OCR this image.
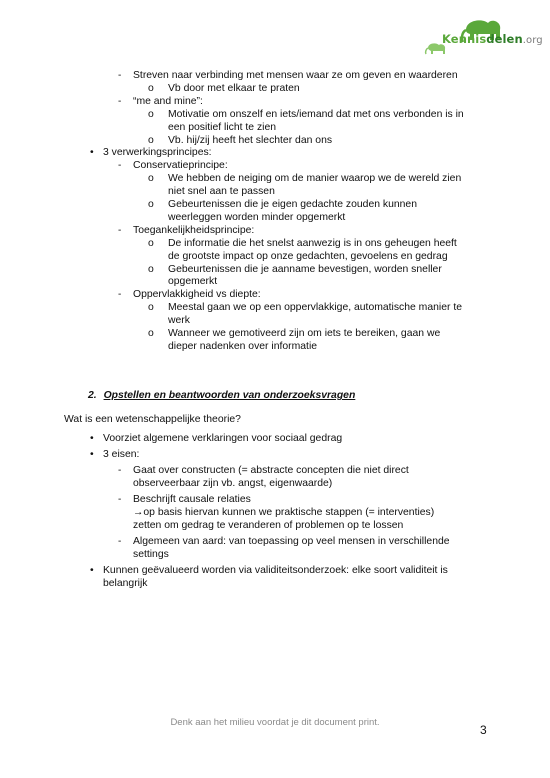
Kennisdelen.org
- Streven naar verbinding met mensen waar ze om geven en waarderen
o Vb door met elkaar te praten
- “me and mine”:
o Motivatie om onszelf en iets/iemand dat met ons verbonden is in
een positief licht te zien
o Vb. hij/zij heeft het slechter dan ons
• 3 verwerkingsprincipes:
- Conservatieprincipe:
o We hebben de neiging om de manier waarop we de wereld zien
niet snel aan te passen
o Gebeurtenissen die je eigen gedachte zouden kunnen
weerleggen worden minder opgemerkt
- Toegankelijkheidsprincipe:
o De informatie die het snelst aanwezig is in ons geheugen heeft
de grootste impact op onze gedachten, gevoelens en gedrag
o Gebeurtenissen die je aanname bevestigen, worden sneller
opgemerkt
- Oppervlakkigheid vs diepte:
o Meestal gaan we op een oppervlakkige, automatische manier te
werk
o Wanneer we gemotiveerd zijn om iets te bereiken, gaan we
dieper nadenken over informatie
2. Opstellen en beantwoorden van onderzoeksvragen
Wat is een wetenschappelijke theorie?
• Voorziet algemene verklaringen voor sociaal gedrag
• 3 eisen:
- Gaat over constructen (= abstracte concepten die niet direct
observeerbaar zijn vb. angst, eigenwaarde)
- Beschrijft causale relaties
→op basis hiervan kunnen we praktische stappen (= interventies)
zetten om gedrag te veranderen of problemen op te lossen
- Algemeen van aard: van toepassing op veel mensen in verschillende
settings
• Kunnen geëvalueerd worden via validiteitsonderzoek: elke soort validiteit is
belangrijk
Denk aan het milieu voordat je dit document print.
3
